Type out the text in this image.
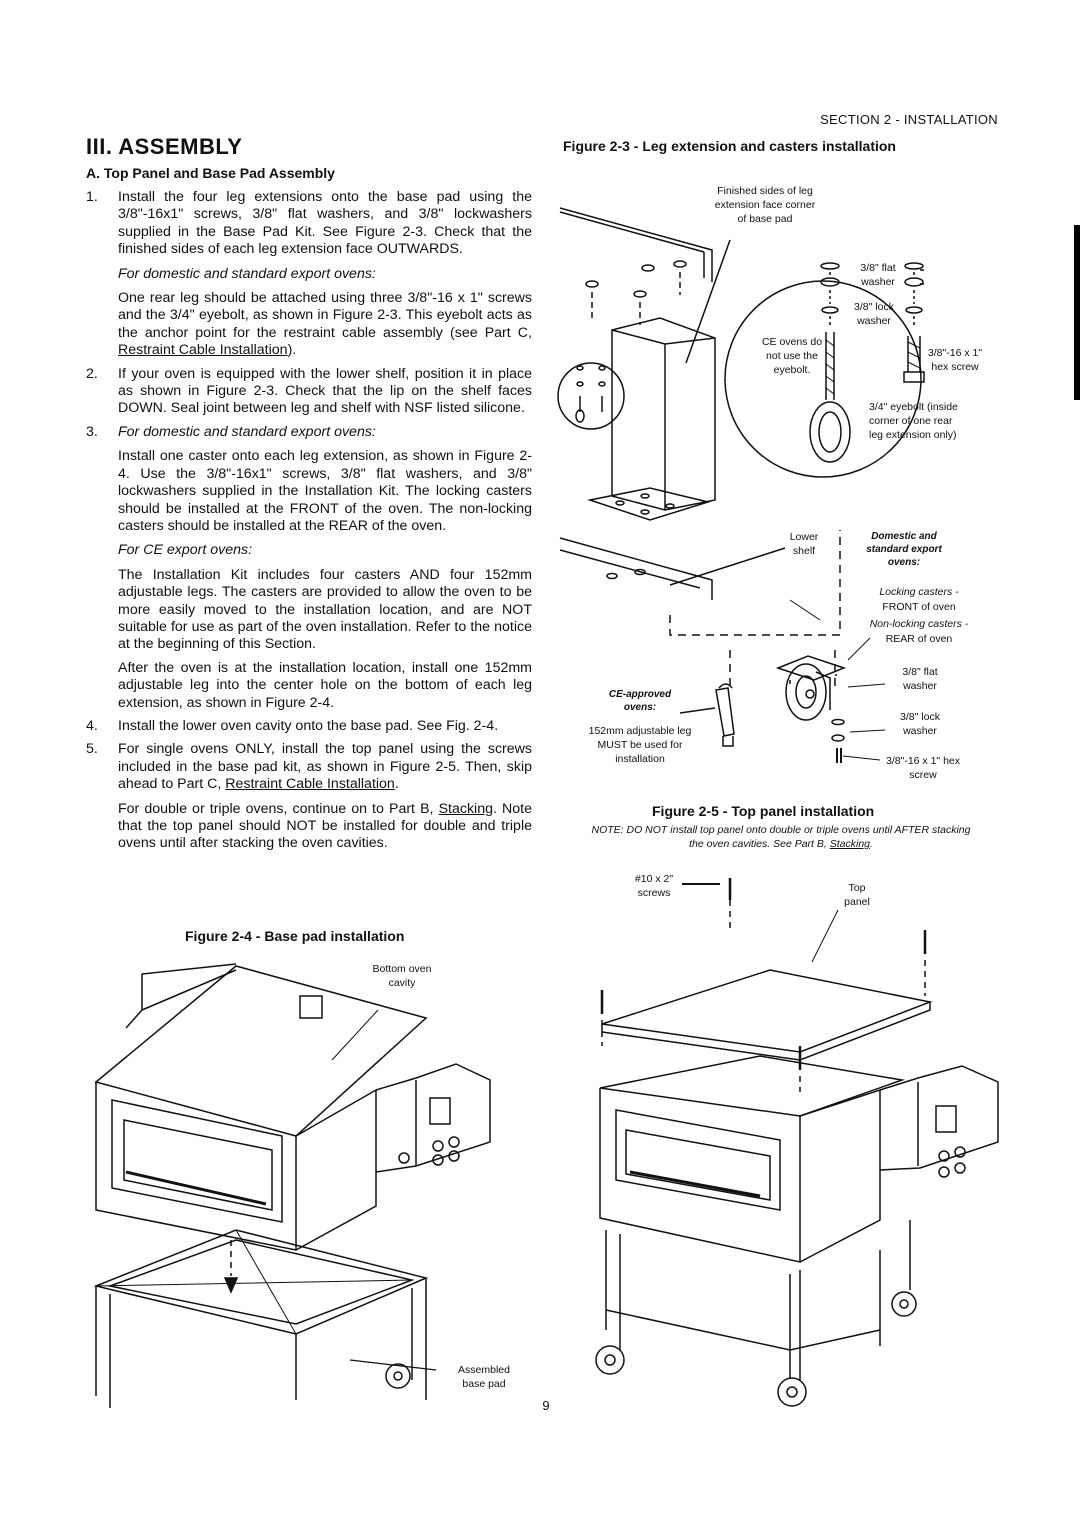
SECTION 2 - INSTALLATION
III. ASSEMBLY
A. Top Panel and Base Pad Assembly
1. Install the four leg extensions onto the base pad using the 3/8"-16x1" screws, 3/8" flat washers, and 3/8" lockwashers supplied in the Base Pad Kit. See Figure 2-3. Check that the finished sides of each leg extension face OUTWARDS.

For domestic and standard export ovens:

One rear leg should be attached using three 3/8"-16 x 1" screws and the 3/4" eyebolt, as shown in Figure 2-3. This eyebolt acts as the anchor point for the restraint cable assembly (see Part C, Restraint Cable Installation).

2. If your oven is equipped with the lower shelf, position it in place as shown in Figure 2-3. Check that the lip on the shelf faces DOWN. Seal joint between leg and shelf with NSF listed silicone.
3. For domestic and standard export ovens:

Install one caster onto each leg extension, as shown in Figure 2-4. Use the 3/8"-16x1" screws, 3/8" flat washers, and 3/8" lockwashers supplied in the Installation Kit. The locking casters should be installed at the FRONT of the oven. The non-locking casters should be installed at the REAR of the oven.

For CE export ovens:

The Installation Kit includes four casters AND four 152mm adjustable legs. The casters are provided to allow the oven to be more easily moved to the installation location, and are NOT suitable for use as part of the oven installation. Refer to the notice at the beginning of this Section.

After the oven is at the installation location, install one 152mm adjustable leg into the center hole on the bottom of each leg extension, as shown in Figure 2-4.

4. Install the lower oven cavity onto the base pad. See Fig. 2-4.
5. For single ovens ONLY, install the top panel using the screws included in the base pad kit, as shown in Figure 2-5. Then, skip ahead to Part C, Restraint Cable Installation.

For double or triple ovens, continue on to Part B, Stacking. Note that the top panel should NOT be installed for double and triple ovens until after stacking the oven cavities.

Figure 2-3 - Leg extension and casters installation
Finished sides of leg extension face corner of base pad
3/8" flat washer
3/8" lock washer
CE ovens do not use the eyebolt.
3/8"-16 x 1" hex screw
3/4" eyebolt (inside corner of one rear leg extension only)
Lower shelf
Domestic and standard export ovens:
Locking casters -
FRONT of oven
Non-locking casters -
REAR of oven
3/8" flat washer
3/8" lock washer
3/8"-16 x 1" hex screw
CE-approved ovens:
152mm adjustable leg MUST be used for installation
Figure 2-5 - Top panel installation
NOTE: DO NOT install top panel onto double or triple ovens until AFTER stacking the oven cavities. See Part B, Stacking.
#10 x 2" screws	Top panel
Figure 2-4 - Base pad installation
Bottom oven cavity
Assembled base pad
9
